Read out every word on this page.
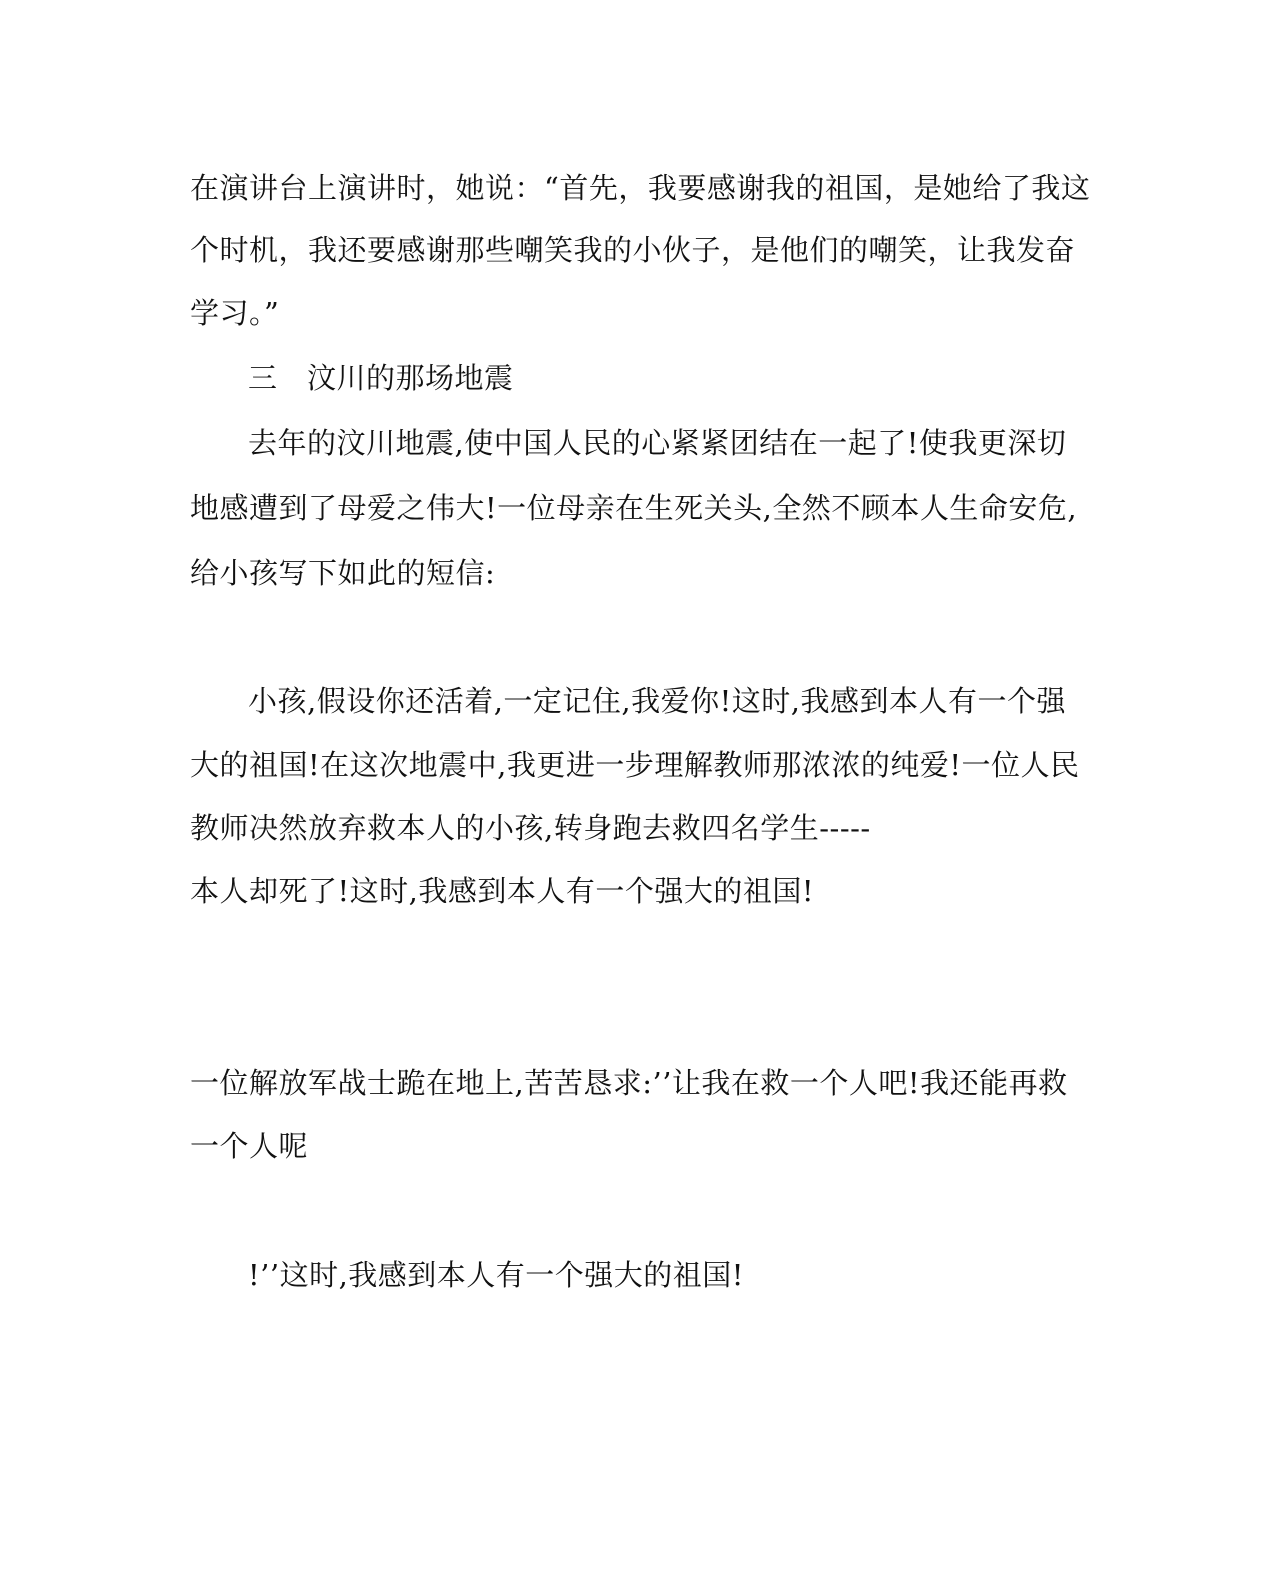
在演讲台上演讲时，她说：“首先，我要感谢我的祖国，是她给了我这
个时机，我还要感谢那些嘲笑我的小伙子，是他们的嘲笑，让我发奋
学习。”
三　汶川的那场地震
去年的汶川地震,使中国人民的心紧紧团结在一起了!使我更深切
地感遭到了母爱之伟大!一位母亲在生死关头,全然不顾本人生命安危,
给小孩写下如此的短信:
小孩,假设你还活着,一定记住,我爱你!这时,我感到本人有一个强
大的祖国!在这次地震中,我更进一步理解教师那浓浓的纯爱!一位人民
教师决然放弃救本人的小孩,转身跑去救四名学生-----
本人却死了!这时,我感到本人有一个强大的祖国!
一位解放军战士跪在地上,苦苦恳求:’’让我在救一个人吧!我还能再救
一个人呢
!’’这时,我感到本人有一个强大的祖国!
